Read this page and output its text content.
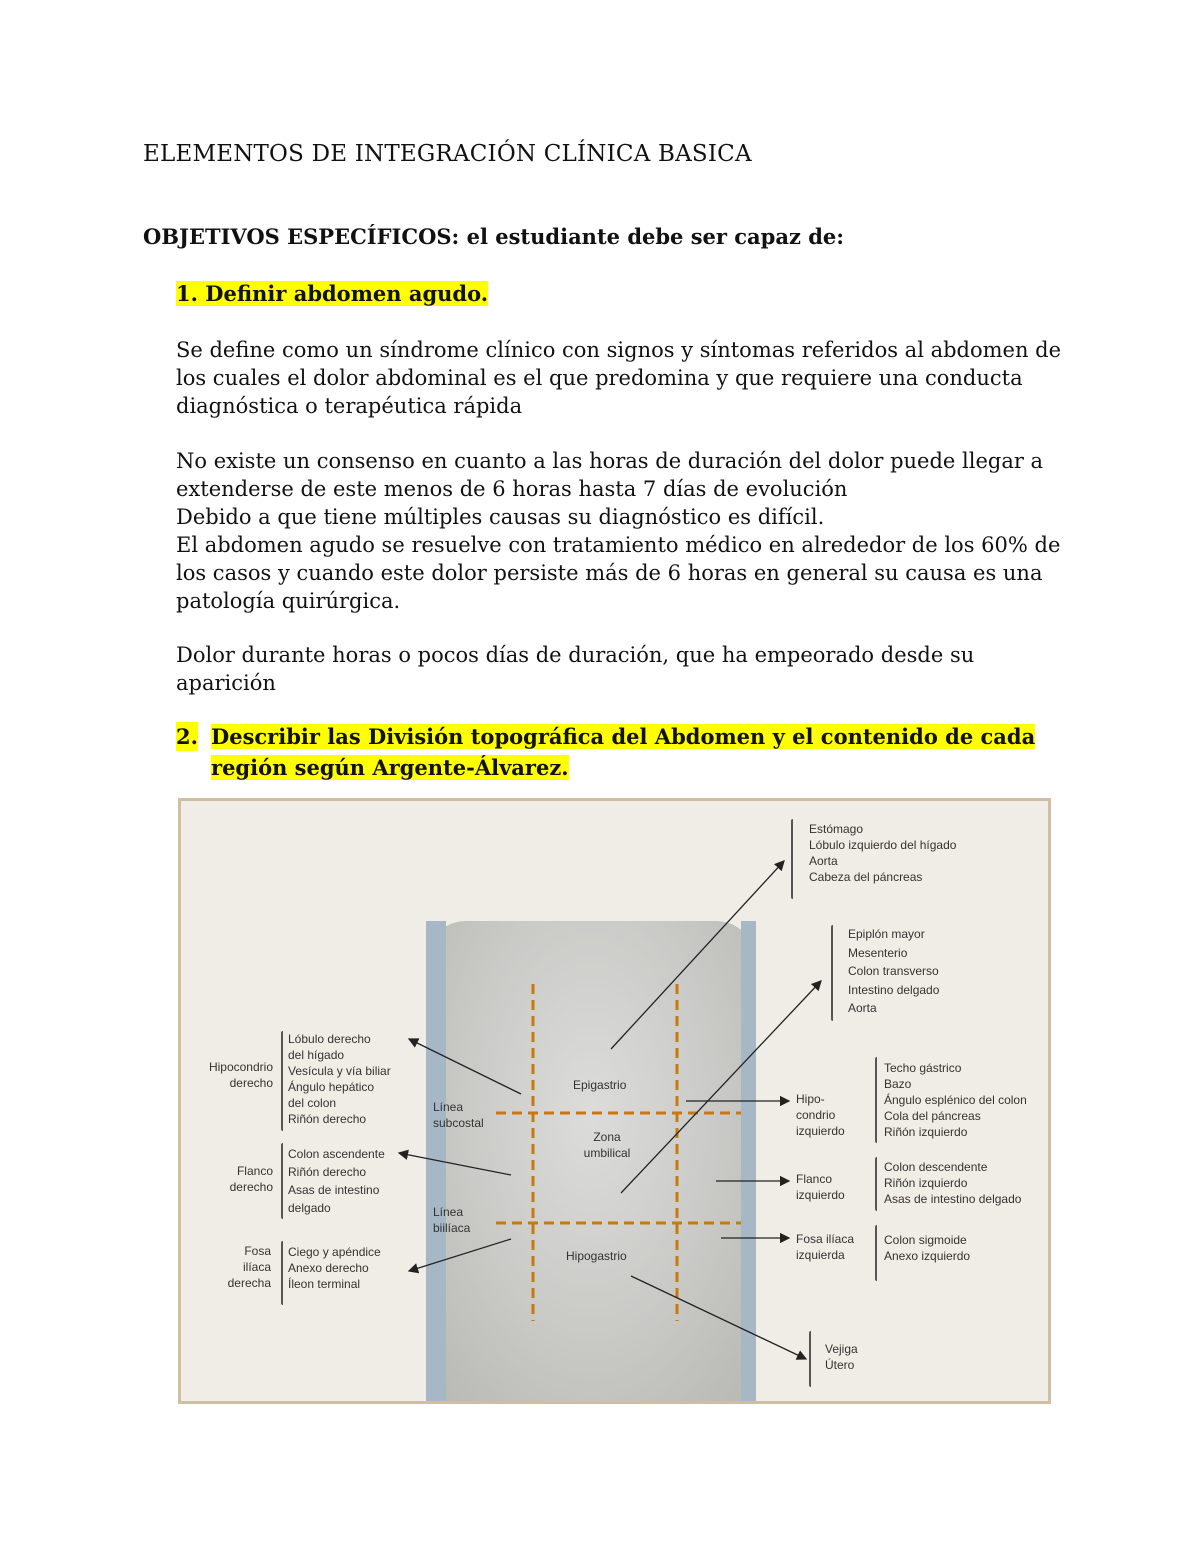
ELEMENTOS DE INTEGRACIÓN CLÍNICA BASICA

OBJETIVOS ESPECÍFICOS: el estudiante debe ser capaz de:

1. Definir abdomen agudo.

Se define como un síndrome clínico con signos y síntomas referidos al abdomen de los cuales el dolor abdominal es el que predomina y que requiere una conducta diagnóstica o terapéutica rápida

No existe un consenso en cuanto a las horas de duración del dolor puede llegar a extenderse de este menos de 6 horas hasta 7 días de evolución
Debido a que tiene múltiples causas su diagnóstico es difícil.
El abdomen agudo se resuelve con tratamiento médico en alrededor de los 60% de los casos y cuando este dolor persiste más de 6 horas en general su causa es una patología quirúrgica.

Dolor durante horas o pocos días de duración, que ha empeorado desde su aparición

2. Describir las División topográfica del Abdomen y el contenido de cada región según Argente-Álvarez.
Epigastrio
Zona umbilical
Hipogastrio
Línea subcostal
Línea biilíaca
Hipocondrio derecho
Flanco derecho
Fosa ilíaca derecha
Lóbulo derecho
del hígado
Vesícula y vía biliar
Ángulo hepático
del colon
Riñón derecho
Colon ascendente
Riñón derecho
Asas de intestino
delgado
Ciego y apéndice
Anexo derecho
Íleon terminal
Estómago
Lóbulo izquierdo del hígado
Aorta
Cabeza del páncreas
Epiplón mayor
Mesenterio
Colon transverso
Intestino delgado
Aorta
Hipo- condrio izquierdo
Flanco izquierdo
Fosa ilíaca izquierda
Techo gástrico
Bazo
Ángulo esplénico del colon
Cola del páncreas
Riñón izquierdo
Colon descendente
Riñón izquierdo
Asas de intestino delgado
Colon sigmoide
Anexo izquierdo
Vejiga
Útero
